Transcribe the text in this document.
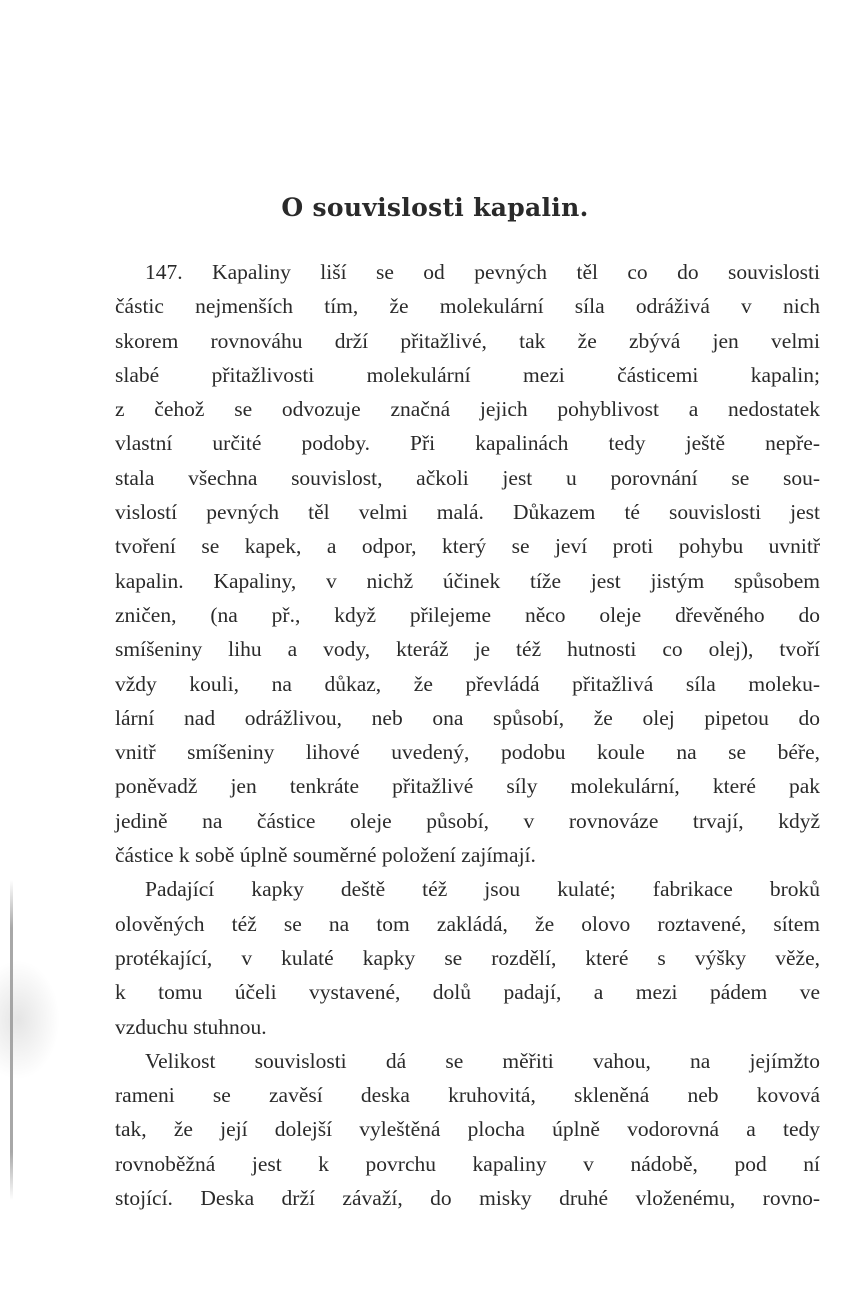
O souvislosti kapalin.
147. Kapaliny liší se od pevných těl co do souvislosti
částic nejmenších tím, že molekulární síla odráživá v nich
skorem rovnováhu drží přitažlivé, tak že zbývá jen velmi
slabé přitažlivosti molekulární mezi částicemi kapalin;
z čehož se odvozuje značná jejich pohyblivost a nedostatek
vlastní určité podoby. Při kapalinách tedy ještě nepře-
stala všechna souvislost, ačkoli jest u porovnání se sou-
vislostí pevných těl velmi malá. Důkazem té souvislosti jest
tvoření se kapek, a odpor, který se jeví proti pohybu uvnitř
kapalin. Kapaliny, v nichž účinek tíže jest jistým spůsobem
zničen, (na př., když přilejeme něco oleje dřevěného do
smíšeniny lihu a vody, kteráž je též hutnosti co olej), tvoří
vždy kouli, na důkaz, že převládá přitažlivá síla moleku-
lární nad odrážlivou, neb ona spůsobí, že olej pipetou do
vnitř smíšeniny lihové uvedený, podobu koule na se béře,
poněvadž jen tenkráte přitažlivé síly molekulární, které pak
jedině na částice oleje působí, v rovnováze trvají, když
částice k sobě úplně souměrné položení zajímají.
Padající kapky deště též jsou kulaté; fabrikace broků
olověných též se na tom zakládá, že olovo roztavené, sítem
protékající, v kulaté kapky se rozdělí, které s výšky věže,
k tomu účeli vystavené, dolů padají, a mezi pádem ve
vzduchu stuhnou.
Velikost souvislosti dá se měřiti vahou, na jejímžto
rameni se zavěsí deska kruhovitá, skleněná neb kovová
tak, že její dolejší vyleštěná plocha úplně vodorovná a tedy
rovnoběžná jest k povrchu kapaliny v nádobě, pod ní
stojící. Deska drží závaží, do misky druhé vloženému, rovno-
